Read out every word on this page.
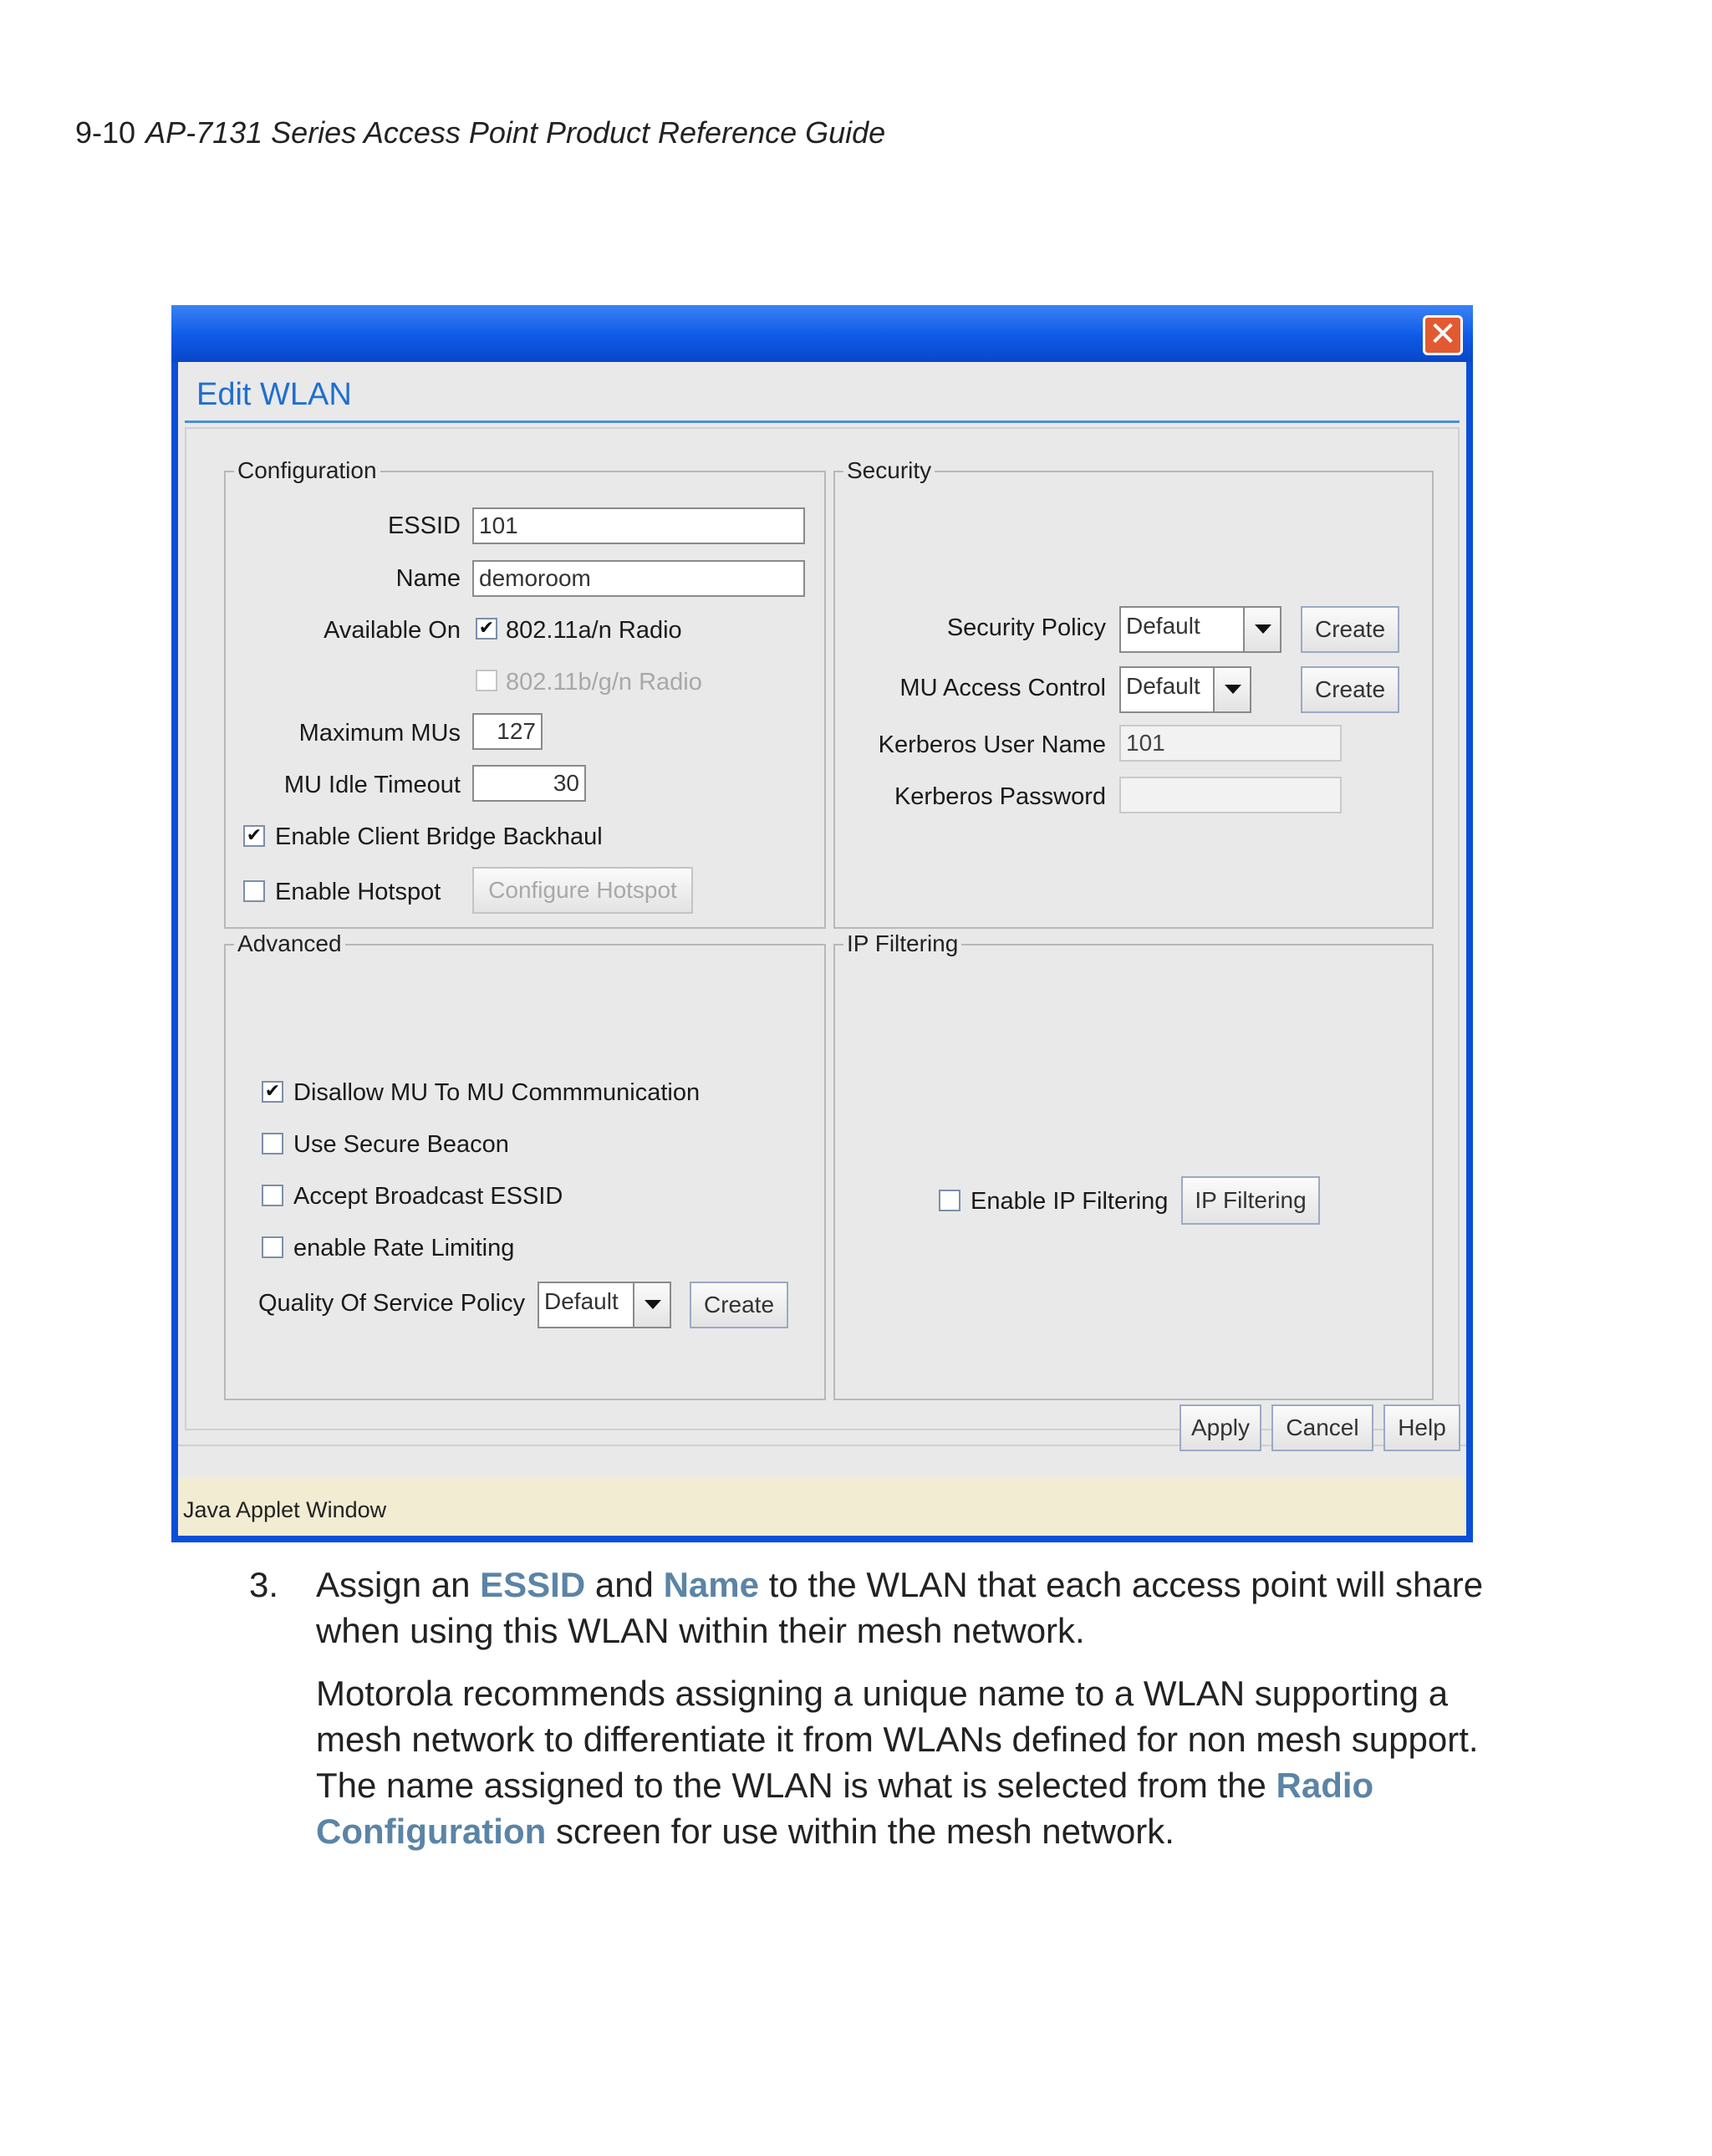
9-10 AP-7131 Series Access Point Product Reference Guide
✕
Edit WLAN
Configuration
ESSID 101
Name demoroom
Available On ✔ 802.11a/n Radio
802.11b/g/n Radio
Maximum MUs	127
MU Idle Timeout	30
✔ Enable Client Bridge Backhaul
Enable Hotspot	Configure Hotspot
Security
Security Policy Default	Create
MU Access Control Default	Create
Kerberos User Name 101
Kerberos Password
Advanced
✔ Disallow MU To MU Commmunication
Use Secure Beacon
Accept Broadcast ESSID
enable Rate Limiting
Quality Of Service Policy Default	Create
IP Filtering
Enable IP Filtering	IP Filtering
Apply	Cancel	Help
Java Applet Window
3. Assign an ESSID and Name to the WLAN that each access point will share when using this WLAN within their mesh network.
Motorola recommends assigning a unique name to a WLAN supporting a mesh network to differentiate it from WLANs defined for non mesh support. The name assigned to the WLAN is what is selected from the Radio Configuration screen for use within the mesh network.
